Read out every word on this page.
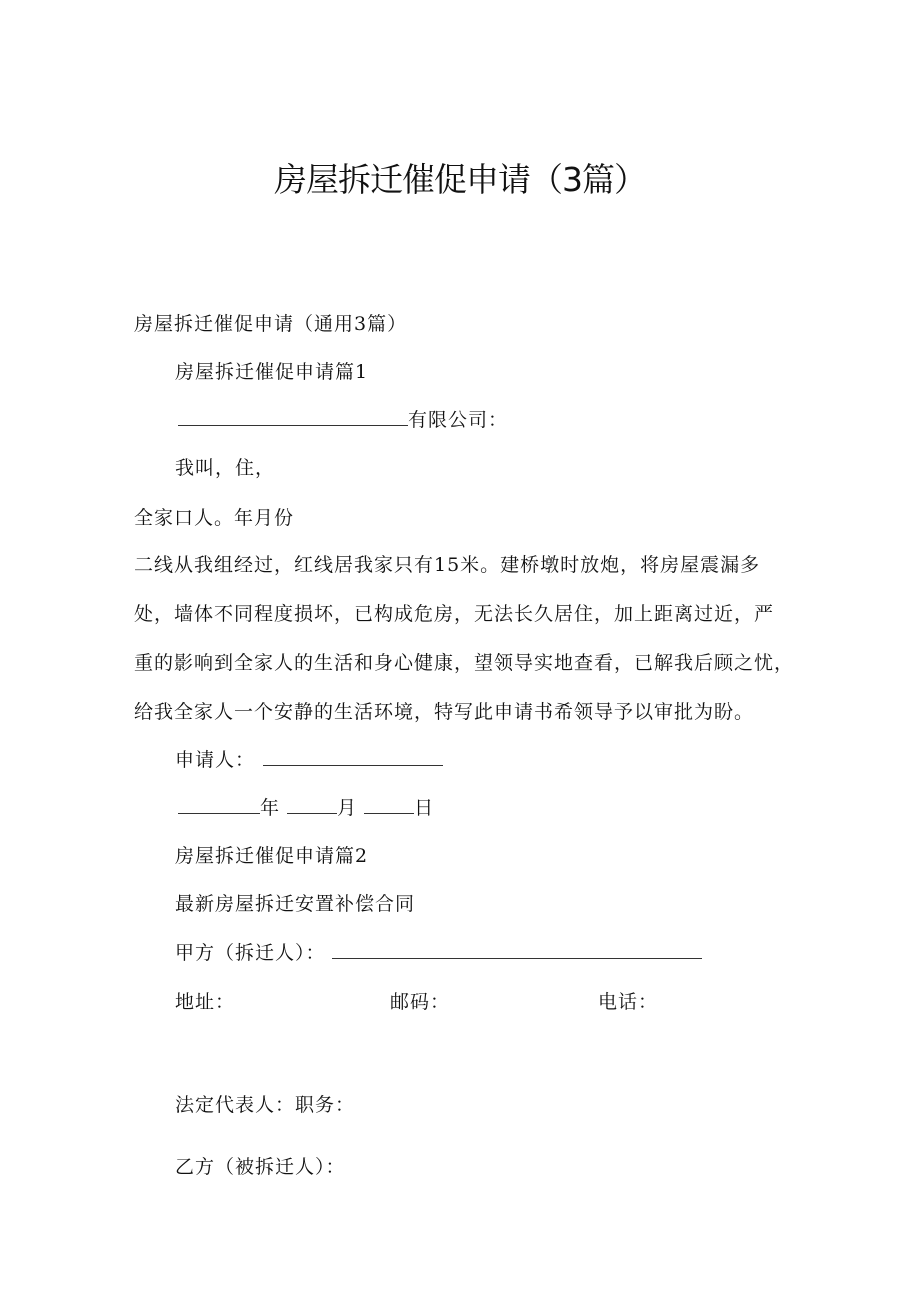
房屋拆迁催促申请（3篇）
房屋拆迁催促申请（通用3篇）
房屋拆迁催促申请篇1
有限公司：
我叫，住，
全家口人。年月份
二线从我组经过，红线居我家只有15米。建桥墩时放炮，将房屋震漏多
处，墙体不同程度损坏，已构成危房，无法长久居住，加上距离过近，严
重的影响到全家人的生活和身心健康，望领导实地查看，已解我后顾之忧，
给我全家人一个安静的生活环境，特写此申请书希领导予以审批为盼。
申请人：
年	月	日
房屋拆迁催促申请篇2
最新房屋拆迁安置补偿合同
甲方（拆迁人）：
地址：	邮码：	电话：
法定代表人：职务：
乙方（被拆迁人）：
